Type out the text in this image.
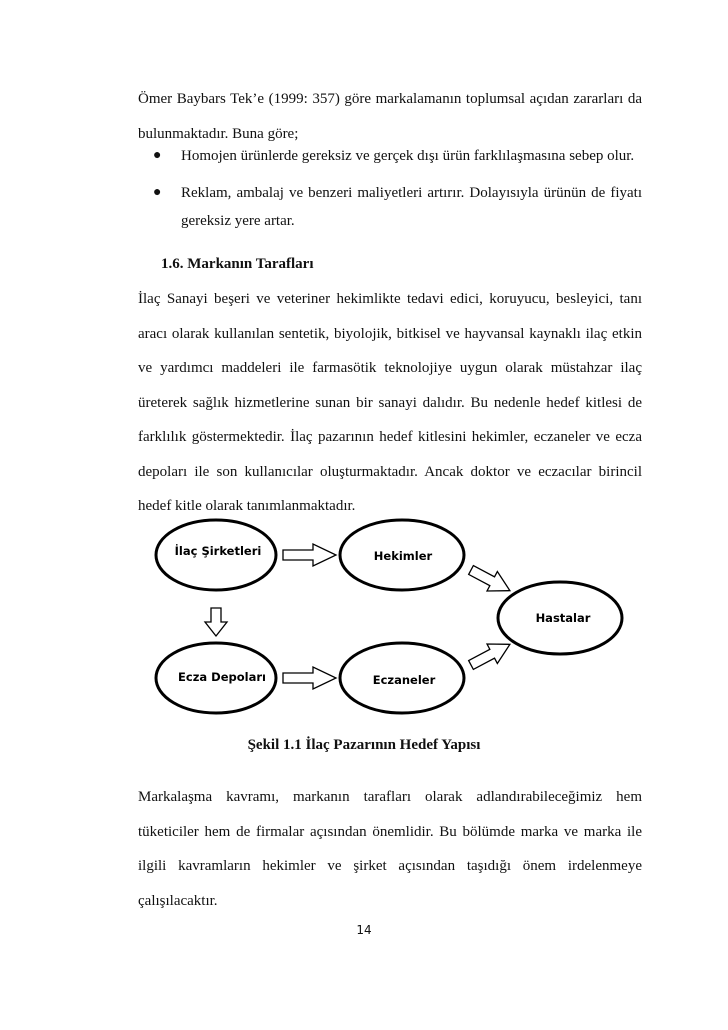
Ömer Baybars Tek’e (1999: 357) göre markalamanın toplumsal açıdan zararları da bulunmaktadır. Buna göre;

● Homojen ürünlerde gereksiz ve gerçek dışı ürün farklılaşmasına sebep olur.
● Reklam, ambalaj ve benzeri maliyetleri artırır. Dolayısıyla ürünün de fiyatı gereksiz yere artar.
1.6. Markanın Tarafları

İlaç Sanayi beşeri ve veteriner hekimlikte tedavi edici, koruyucu, besleyici, tanı aracı olarak kullanılan sentetik, biyolojik, bitkisel ve hayvansal kaynaklı ilaç etkin ve yardımcı maddeleri ile farmasötik teknolojiye uygun olarak müstahzar ilaç üreterek sağlık hizmetlerine sunan bir sanayi dalıdır. Bu nedenle hedef kitlesi de farklılık göstermektedir. İlaç pazarının hedef kitlesini hekimler, eczaneler ve ecza depoları ile son kullanıcılar oluşturmaktadır. Ancak doktor ve eczacılar birincil hedef kitle olarak tanımlanmaktadır.

İlaç Şirketleri	Hekimler
Hastalar
Ecza Depoları	Eczaneler

Şekil 1.1 İlaç Pazarının Hedef Yapısı

Markalaşma kavramı, markanın tarafları olarak adlandırabileceğimiz hem tüketiciler hem de firmalar açısından önemlidir. Bu bölümde marka ve marka ile ilgili kavramların hekimler ve şirket açısından taşıdığı önem irdelenmeye çalışılacaktır.

14
